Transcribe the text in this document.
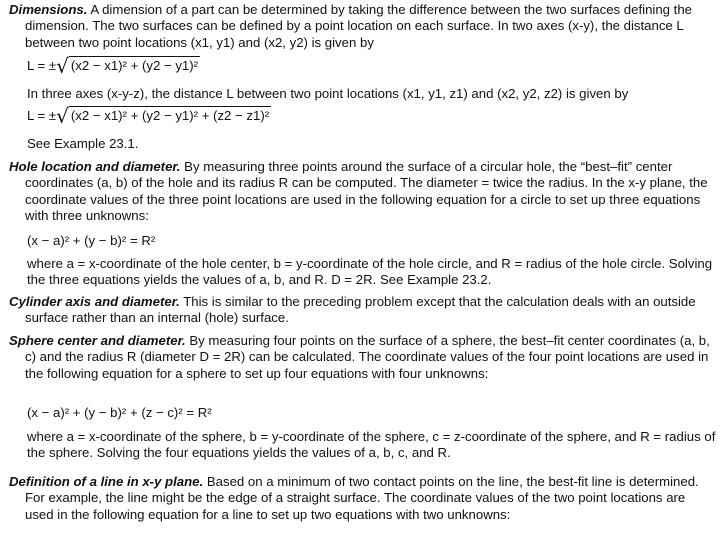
Dimensions. A dimension of a part can be determined by taking the difference between the two surfaces defining the dimension. The two surfaces can be defined by a point location on each surface. In two axes (x-y), the distance L between two point locations (x1, y1) and (x2, y2) is given by

L = ±√ (x2 − x1)² + (y2 − y1)²
In three axes (x-y-z), the distance L between two point locations (x1, y1, z1) and (x2, y2, z2) is given by
L = ±√ (x2 − x1)² + (y2 − y1)² + (z2 − z1)²
See Example 23.1.

Hole location and diameter. By measuring three points around the surface of a circular hole, the “best–fit” center coordinates (a, b) of the hole and its radius R can be computed. The diameter = twice the radius. In the x-y plane, the coordinate values of the three point locations are used in the following equation for a circle to set up three equations with three unknowns:

(x − a)² + (y − b)² = R²
where a = x-coordinate of the hole center, b = y-coordinate of the hole circle, and R = radius of the hole circle. Solving the three equations yields the values of a, b, and R. D = 2R. See Example 23.2.

Cylinder axis and diameter. This is similar to the preceding problem except that the calculation deals with an outside surface rather than an internal (hole) surface.

Sphere center and diameter. By measuring four points on the surface of a sphere, the best–fit center coordinates (a, b, c) and the radius R (diameter D = 2R) can be calculated. The coordinate values of the four point locations are used in the following equation for a sphere to set up four equations with four unknowns:

(x − a)² + (y − b)² + (z − c)² = R²
where a = x-coordinate of the sphere, b = y-coordinate of the sphere, c = z-coordinate of the sphere, and R = radius of the sphere. Solving the four equations yields the values of a, b, c, and R.

Definition of a line in x-y plane. Based on a minimum of two contact points on the line, the best-fit line is determined. For example, the line might be the edge of a straight surface. The coordinate values of the two point locations are used in the following equation for a line to set up two equations with two unknowns:
